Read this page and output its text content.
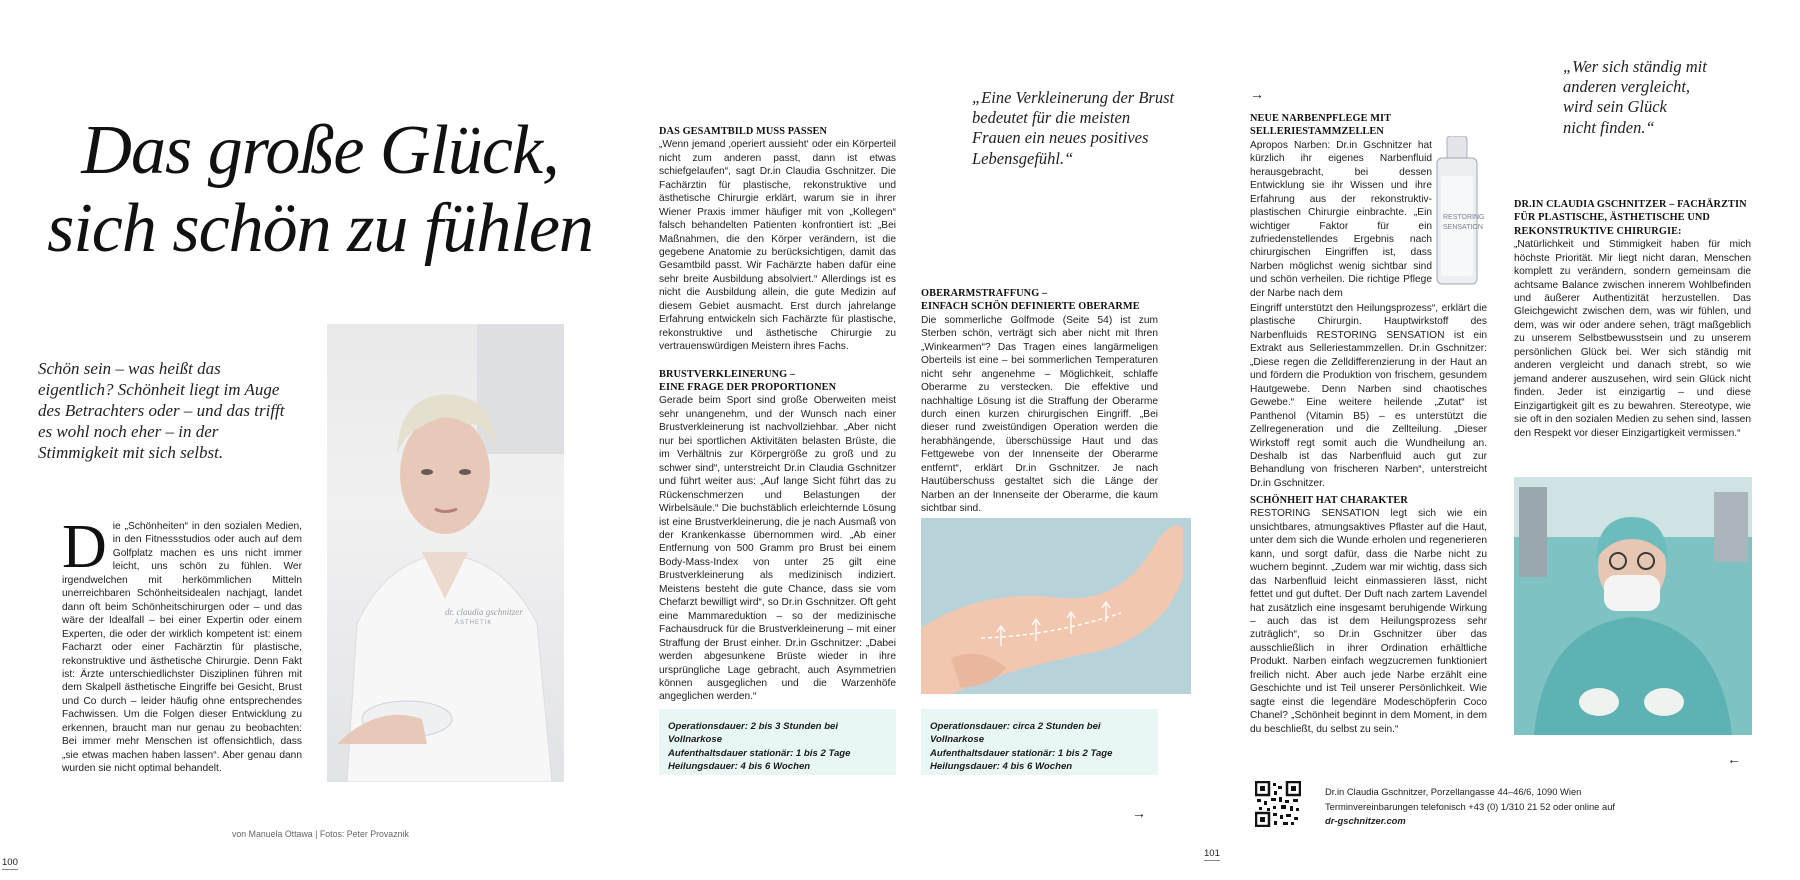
Das große Glück,
sich schön zu fühlen

Schön sein – was heißt das eigentlich? Schönheit liegt im Auge des Betrachters oder – und das trifft es wohl noch eher – in der Stimmigkeit mit sich selbst.

D ie „Schönheiten“ in den sozialen Medien, in den Fitnessstudios oder auch auf dem Golfplatz machen es uns nicht immer leicht, uns schön zu fühlen. Wer irgendwelchen mit herkömmlichen Mitteln unerreichbaren Schönheitsidealen nachjagt, landet dann oft beim Schönheitschirurgen oder – und das wäre der Idealfall – bei einer Expertin oder einem Experten, die oder der wirklich kompetent ist: einem Facharzt oder einer Fachärztin für plastische, rekonstruktive und ästhetische Chirurgie. Denn Fakt ist: Ärzte unterschiedlichster Disziplinen führen mit dem Skalpell ästhetische Eingriffe bei Gesicht, Brust und Co durch – leider häufig ohne entsprechendes Fachwissen. Um die Folgen dieser Entwicklung zu erkennen, braucht man nur genau zu beobachten: Bei immer mehr Menschen ist offensichtlich, dass „sie etwas machen haben lassen“. Aber genau dann wurden sie nicht optimal behandelt.
dr. claudia gschnitzer
ÄSTHETIK
von Manuela Ottawa | Fotos: Peter Provaznik
100
DAS GESAMTBILD MUSS PASSEN

„Wenn jemand ‚operiert aussieht‘ oder ein Körperteil nicht zum anderen passt, dann ist etwas schiefgelaufen“, sagt Dr.in Claudia Gschnitzer. Die Fachärztin für plastische, rekonstruktive und ästhetische Chirurgie erklärt, warum sie in ihrer Wiener Praxis immer häufiger mit von „Kollegen“ falsch behandelten Patienten konfrontiert ist: „Bei Maßnahmen, die den Körper verändern, ist die gegebene Anatomie zu berücksichtigen, damit das Gesamtbild passt. Wir Fachärzte haben dafür eine sehr breite Ausbildung absolviert.“ Allerdings ist es nicht die Ausbildung allein, die gute Medizin auf diesem Gebiet ausmacht. Erst durch jahrelange Erfahrung entwickeln sich Fachärzte für plastische, rekonstruktive und ästhetische Chirurgie zu vertrauenswürdigen Meistern ihres Fachs.

BRUSTVERKLEINERUNG –
EINE FRAGE DER PROPORTIONEN

Gerade beim Sport sind große Oberweiten meist sehr unangenehm, und der Wunsch nach einer Brustverkleinerung ist nachvollziehbar. „Aber nicht nur bei sportlichen Aktivitäten belasten Brüste, die im Verhältnis zur Körpergröße zu groß und zu schwer sind“, unterstreicht Dr.in Claudia Gschnitzer und führt weiter aus: „Auf lange Sicht führt das zu Rückenschmerzen und Belastungen der Wirbelsäule.“ Die buchstäblich erleichternde Lösung ist eine Brustverkleinerung, die je nach Ausmaß von der Krankenkasse übernommen wird. „Ab einer Entfernung von 500 Gramm pro Brust bei einem Body-Mass-Index von unter 25 gilt eine Brustverkleinerung als medizinisch indiziert. Meistens besteht die gute Chance, dass sie vom Chefarzt bewilligt wird“, so Dr.in Gschnitzer. Oft geht eine Mammareduktion – so der medizinische Fachausdruck für die Brustverkleinerung – mit einer Straffung der Brust einher. Dr.in Gschnitzer: „Dabei werden abgesunkene Brüste wieder in ihre ursprüngliche Lage gebracht, auch Asymmetrien können ausgeglichen und die Warzenhöfe angeglichen werden.“

Operationsdauer: 2 bis 3 Stunden bei Vollnarkose
Aufenthaltsdauer stationär: 1 bis 2 Tage
Heilungsdauer: 4 bis 6 Wochen

„Eine Verkleinerung der Brust bedeutet für die meisten Frauen ein neues positives Lebensgefühl.“

OBERARMSTRAFFUNG –
EINFACH SCHÖN DEFINIERTE OBERARME

Die sommerliche Golfmode (Seite 54) ist zum Sterben schön, verträgt sich aber nicht mit Ihren „Winkearmen“? Das Tragen eines langärmeligen Oberteils ist eine – bei sommerlichen Temperaturen nicht sehr angenehme – Möglichkeit, schlaffe Oberarme zu verstecken. Die effektive und nachhaltige Lösung ist die Straffung der Oberarme durch einen kurzen chirurgischen Eingriff. „Bei dieser rund zweistündigen Operation werden die herabhängende, überschüssige Haut und das Fettgewebe von der Innenseite der Oberarme entfernt“, erklärt Dr.in Gschnitzer. Je nach Hautüberschuss gestaltet sich die Länge der Narben an der Innenseite der Oberarme, die kaum sichtbar sind.

Operationsdauer: circa 2 Stunden bei Vollnarkose
Aufenthaltsdauer stationär: 1 bis 2 Tage
Heilungsdauer: 4 bis 6 Wochen
→
101
→
NEUE NARBENPFLEGE MIT
SELLERIESTAMMZELLEN

Apropos Narben: Dr.in Gschnitzer hat kürzlich ihr eigenes Narbenfluid herausgebracht, bei dessen Entwicklung sie ihr Wissen und ihre Erfahrung aus der rekonstruktiv-plastischen Chirurgie einbrachte. „Ein wichtiger Faktor für ein zufriedenstellendes Ergebnis nach chirurgischen Eingriffen ist, dass Narben möglichst wenig sichtbar sind und schön verheilen. Die richtige Pflege der Narbe nach dem

RESTORING
SENSATION

Eingriff unterstützt den Heilungsprozess“, erklärt die plastische Chirurgin. Hauptwirkstoff des Narbenfluids RESTORING SENSATION ist ein Extrakt aus Selleriestammzellen. Dr.in Gschnitzer: „Diese regen die Zelldifferenzierung in der Haut an und fördern die Produktion von frischem, gesundem Hautgewebe. Denn Narben sind chaotisches Gewebe.“ Eine weitere heilende „Zutat“ ist Panthenol (Vitamin B5) – es unterstützt die Zellregeneration und die Zellteilung. „Dieser Wirkstoff regt somit auch die Wundheilung an. Deshalb ist das Narbenfluid auch gut zur Behandlung von frischeren Narben“, unterstreicht Dr.in Gschnitzer.

SCHÖNHEIT HAT CHARAKTER

RESTORING SENSATION legt sich wie ein unsichtbares, atmungsaktives Pflaster auf die Haut, unter dem sich die Wunde erholen und regenerieren kann, und sorgt dafür, dass die Narbe nicht zu wuchern beginnt. „Zudem war mir wichtig, dass sich das Narbenfluid leicht einmassieren lässt, nicht fettet und gut duftet. Der Duft nach zartem Lavendel hat zusätzlich eine insgesamt beruhigende Wirkung – auch das ist dem Heilungsprozess sehr zuträglich“, so Dr.in Gschnitzer über das ausschließlich in ihrer Ordination erhältliche Produkt. Narben einfach wegzucremen funktioniert freilich nicht. Aber auch jede Narbe erzählt eine Geschichte und ist Teil unserer Persönlichkeit. Wie sagte einst die legendäre Modeschöpferin Coco Chanel? „Schönheit beginnt in dem Moment, in dem du beschließt, du selbst zu sein.“

Dr.in Claudia Gschnitzer, Porzellangasse 44–46/6, 1090 Wien
Terminvereinbarungen telefonisch +43 (0) 1/310 21 52 oder online auf
dr-gschnitzer.com
„Wer sich ständig mit
anderen vergleicht,
wird sein Glück
nicht finden.“
DR.IN CLAUDIA GSCHNITZER – FACHÄRZTIN
FÜR PLASTISCHE, ÄSTHETISCHE UND
REKONSTRUKTIVE CHIRURGIE:

„Natürlichkeit und Stimmigkeit haben für mich höchste Priorität. Mir liegt nicht daran, Menschen komplett zu verändern, sondern gemeinsam die achtsame Balance zwischen innerem Wohlbefinden und äußerer Authentizität herzustellen. Das Gleichgewicht zwischen dem, was wir fühlen, und dem, was wir oder andere sehen, trägt maßgeblich zu unserem Selbstbewusstsein und zu unserem persönlichen Glück bei. Wer sich ständig mit anderen vergleicht und danach strebt, so wie jemand anderer auszusehen, wird sein Glück nicht finden. Jeder ist einzigartig – und diese Einzigartigkeit gilt es zu bewahren. Stereotype, wie sie oft in den sozialen Medien zu sehen sind, lassen den Respekt vor dieser Einzigartigkeit vermissen.“

←
